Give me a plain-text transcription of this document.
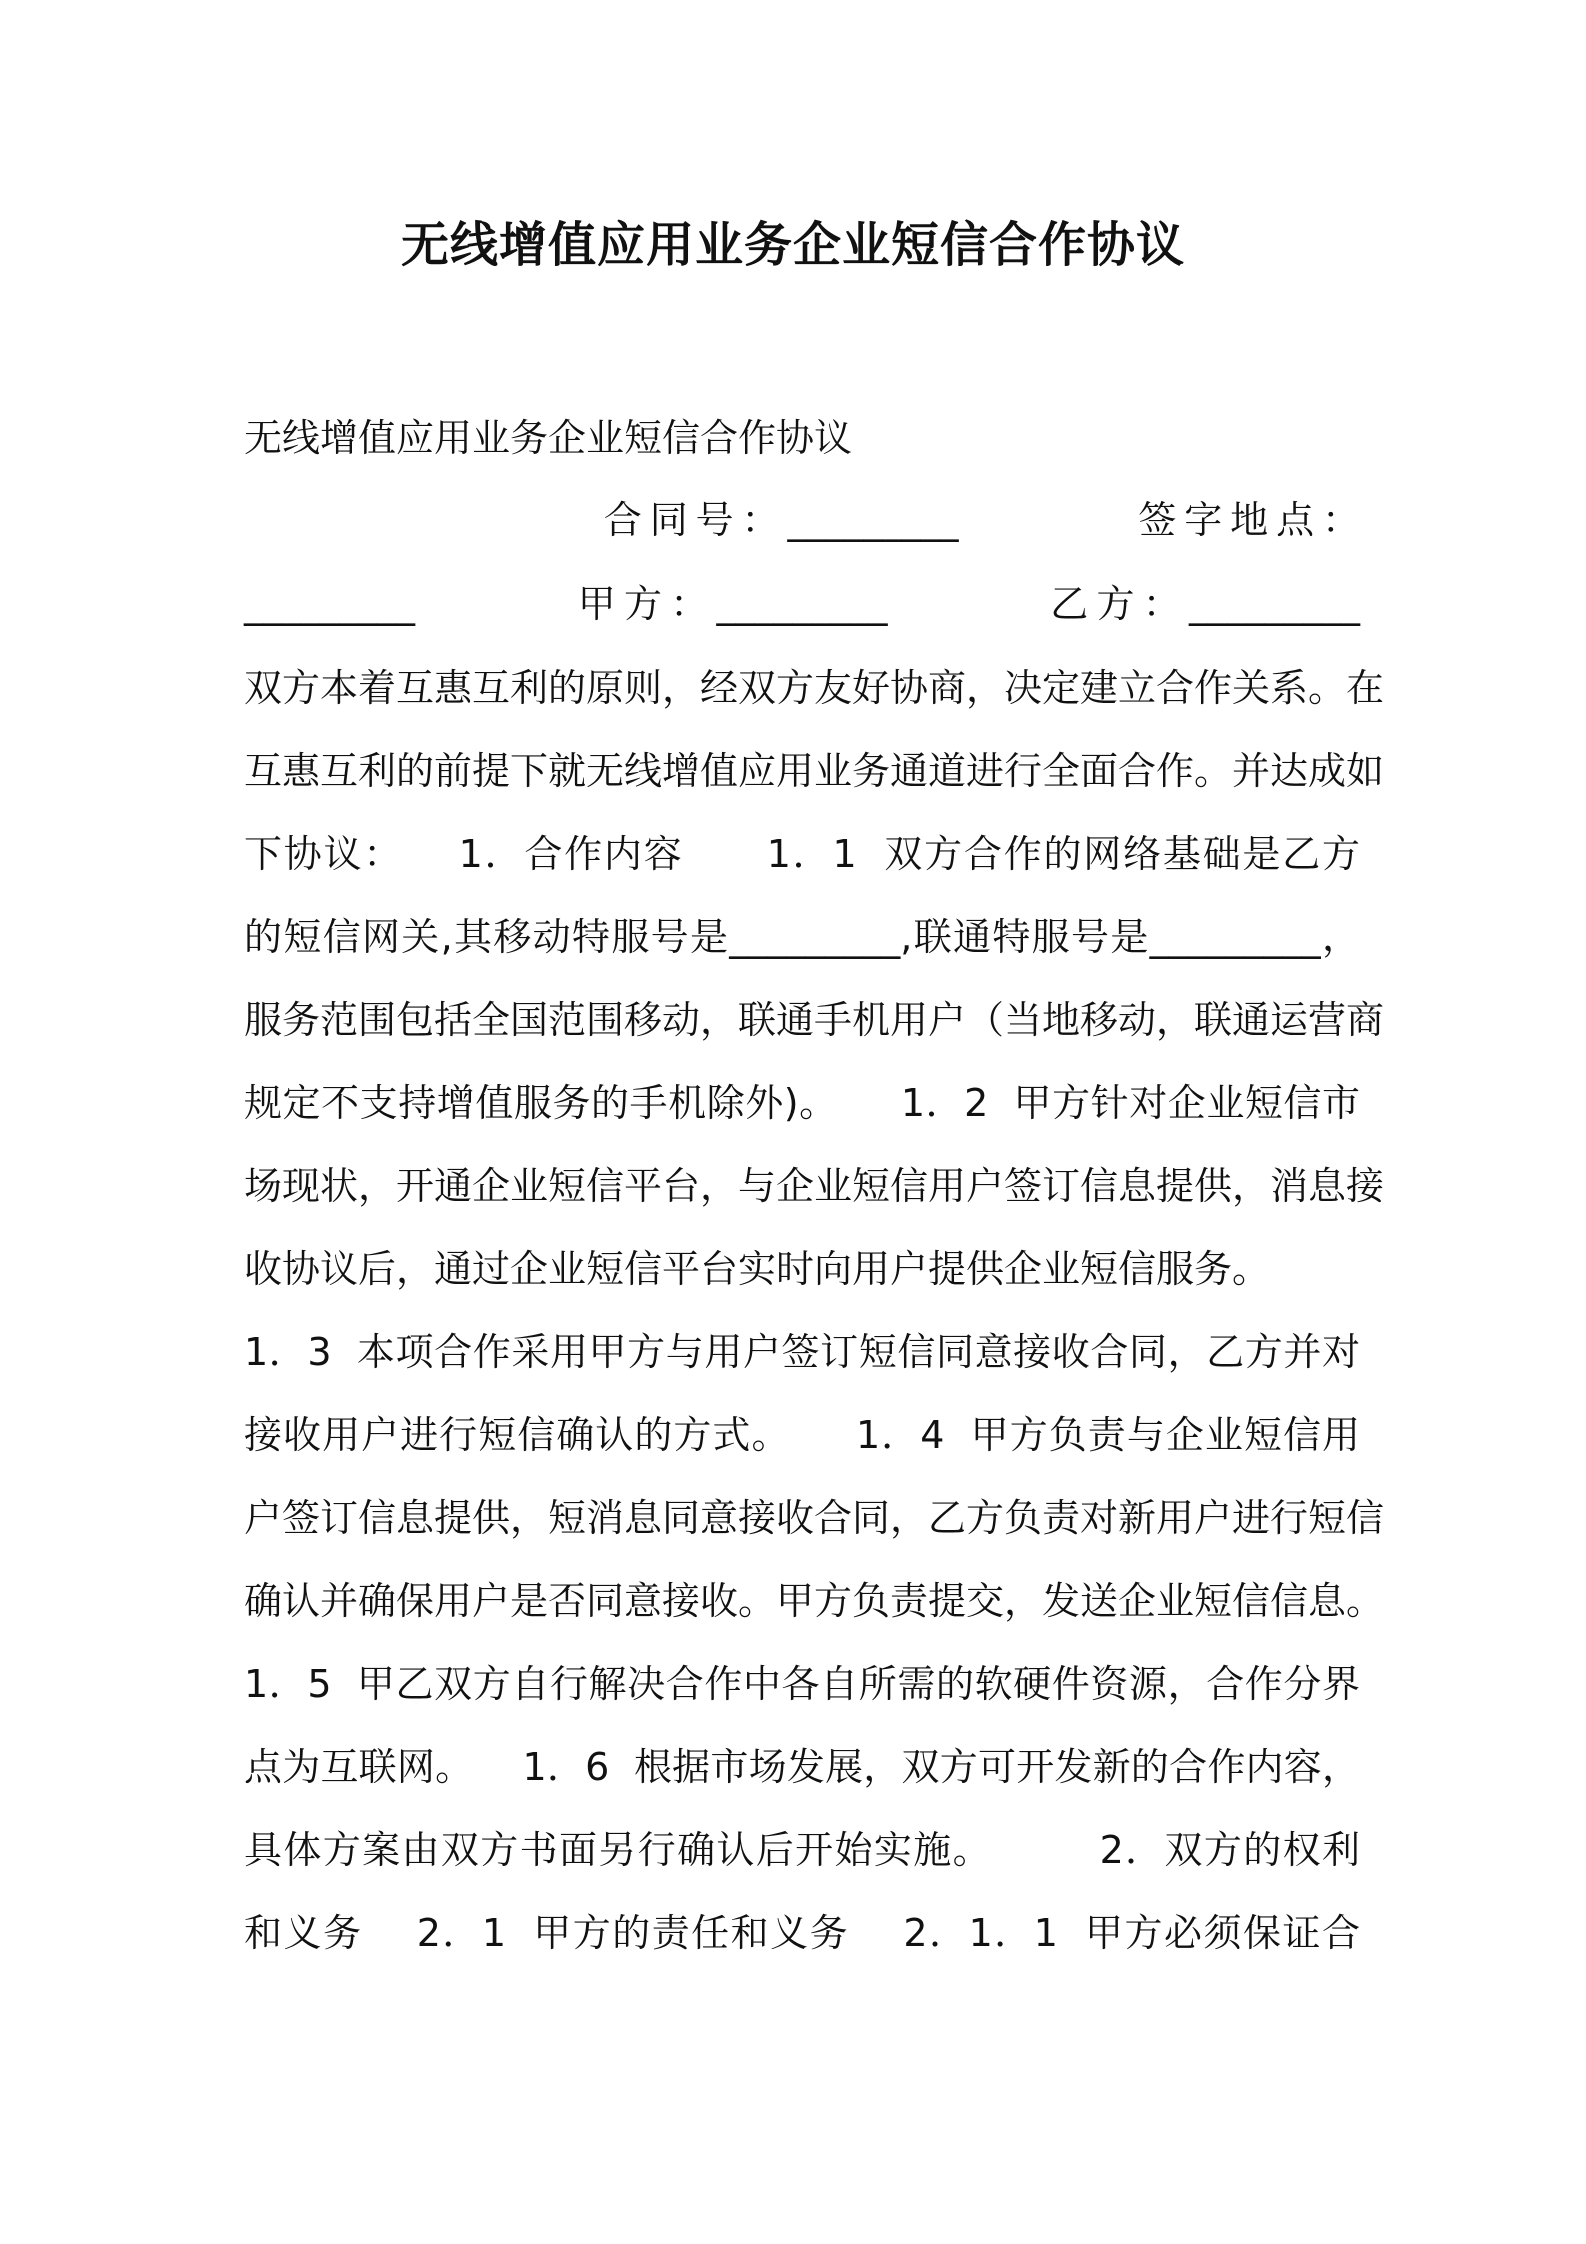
无线增值应用业务企业短信合作协议

无线增值应用业务企业短信合作协议

合同号：_________         签字地点：

_________        甲方：_________        乙方：_________

双方本着互惠互利的原则，经双方友好协商，决定建立合作关系。在

互惠互利的前提下就无线增值应用业务通道进行全面合作。并达成如

下协议：    1．合作内容      1．1  双方合作的网络基础是乙方

的短信网关,其移动特服号是_________,联通特服号是_________，

服务范围包括全国范围移动，联通手机用户（当地移动，联通运营商

规定不支持增值服务的手机除外)。     1．2  甲方针对企业短信市

场现状，开通企业短信平台，与企业短信用户签订信息提供，消息接

收协议后，通过企业短信平台实时向用户提供企业短信服务。

1．3  本项合作采用甲方与用户签订短信同意接收合同，乙方并对

接收用户进行短信确认的方式。     1．4  甲方负责与企业短信用

户签订信息提供，短消息同意接收合同，乙方负责对新用户进行短信

确认并确保用户是否同意接收。甲方负责提交，发送企业短信信息。

1．5  甲乙双方自行解决合作中各自所需的软硬件资源，合作分界

点为互联网。    1．6  根据市场发展，双方可开发新的合作内容，

具体方案由双方书面另行确认后开始实施。        2．双方的权利

和义务    2．1  甲方的责任和义务    2．1．1  甲方必须保证合
